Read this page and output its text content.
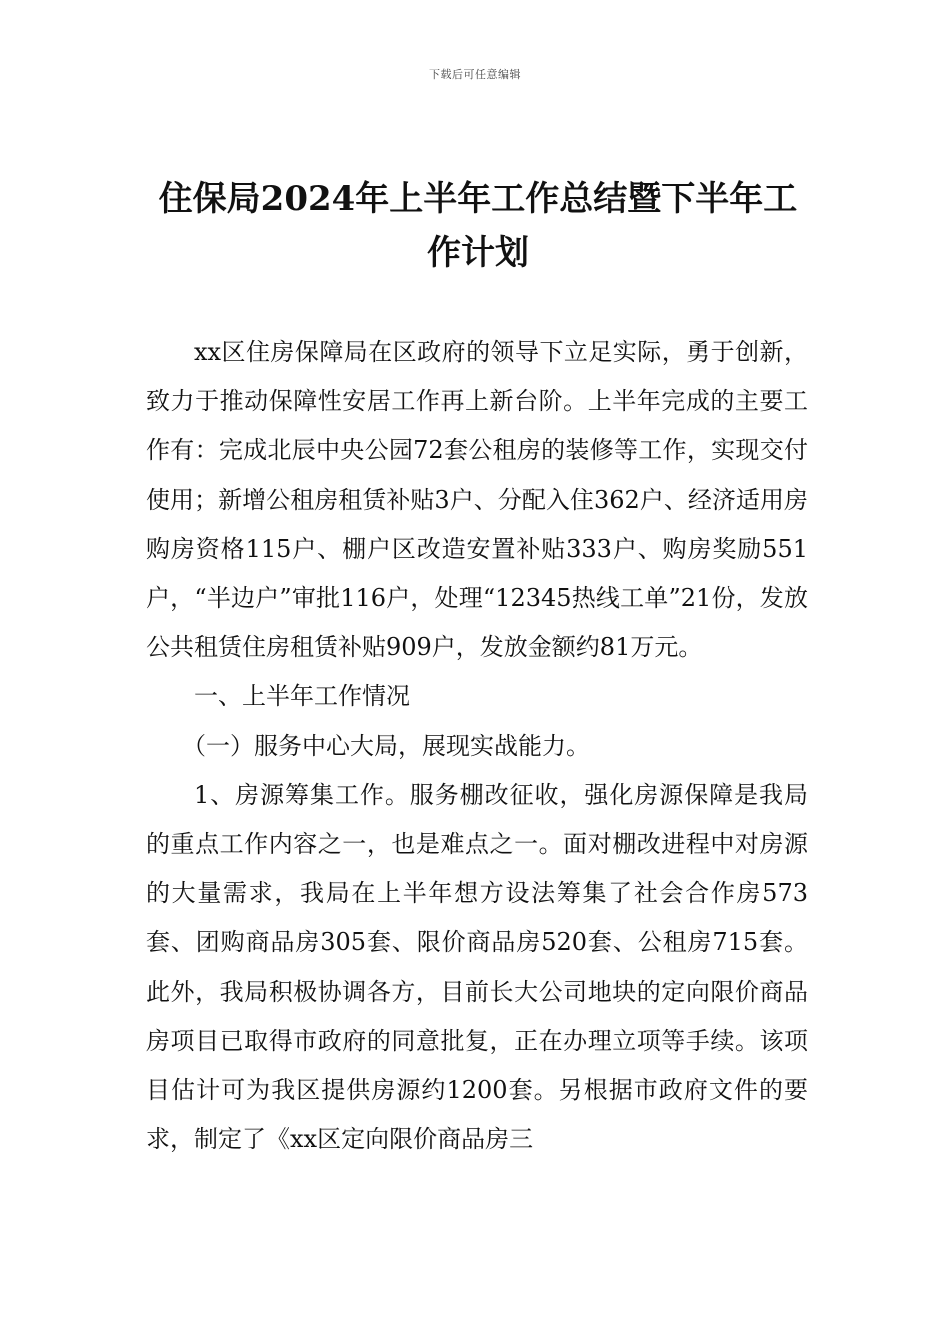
下载后可任意编辑
住保局2024年上半年工作总结暨下半年工作计划

xx区住房保障局在区政府的领导下立足实际，勇于创新，致力于推动保障性安居工作再上新台阶。上半年完成的主要工作有：完成北辰中央公园72套公租房的装修等工作，实现交付使用；新增公租房租赁补贴3户、分配入住362户、经济适用房购房资格115户、棚户区改造安置补贴333户、购房奖励551户，“半边户”审批116户，处理“12345热线工单”21份，发放公共租赁住房租赁补贴909户，发放金额约81万元。

一、上半年工作情况

（一）服务中心大局，展现实战能力。

1、房源筹集工作。服务棚改征收，强化房源保障是我局的重点工作内容之一，也是难点之一。面对棚改进程中对房源的大量需求，我局在上半年想方设法筹集了社会合作房573套、团购商品房305套、限价商品房520套、公租房715套。此外，我局积极协调各方，目前长大公司地块的定向限价商品房项目已取得市政府的同意批复，正在办理立项等手续。该项目估计可为我区提供房源约1200套。另根据市政府文件的要求，制定了《xx区定向限价商品房三
